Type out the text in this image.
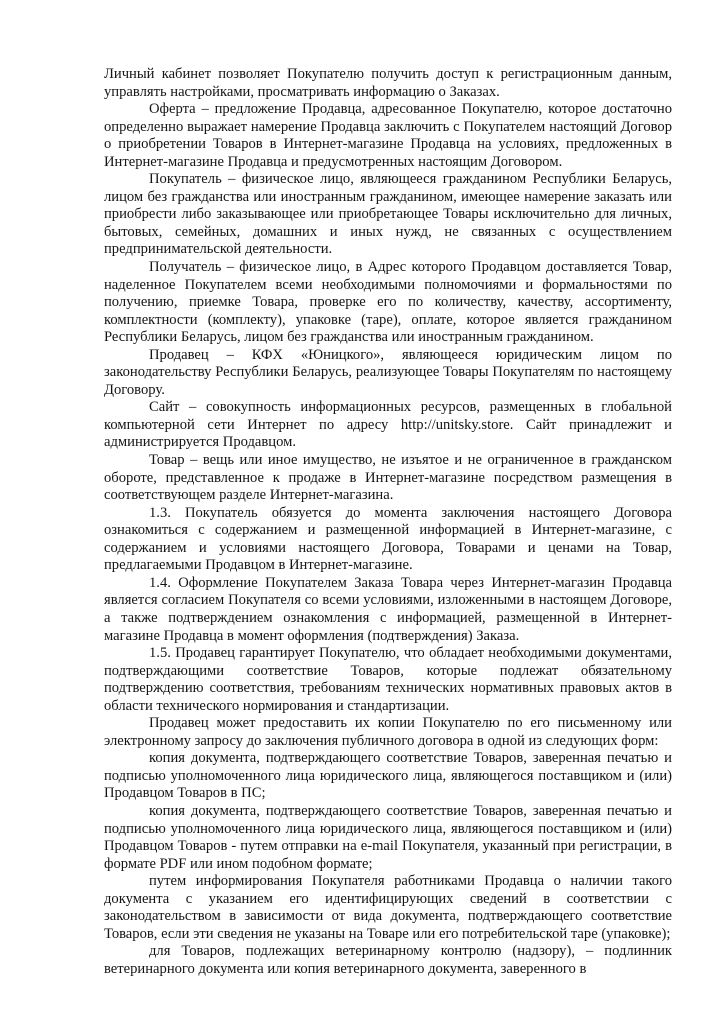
Личный кабинет позволяет Покупателю получить доступ к регистрационным данным, управлять настройками, просматривать информацию о Заказах.

Оферта – предложение Продавца, адресованное Покупателю, которое достаточно определенно выражает намерение Продавца заключить с Покупателем настоящий Договор о приобретении Товаров в Интернет-магазине Продавца на условиях, предложенных в Интернет-магазине Продавца и предусмотренных настоящим Договором.

Покупатель – физическое лицо, являющееся гражданином Республики Беларусь, лицом без гражданства или иностранным гражданином, имеющее намерение заказать или приобрести либо заказывающее или приобретающее Товары исключительно для личных, бытовых, семейных, домашних и иных нужд, не связанных с осуществлением предпринимательской деятельности.

Получатель – физическое лицо, в Адрес которого Продавцом доставляется Товар, наделенное Покупателем всеми необходимыми полномочиями и формальностями по получению, приемке Товара, проверке его по количеству, качеству, ассортименту, комплектности (комплекту), упаковке (таре), оплате, которое является гражданином Республики Беларусь, лицом без гражданства или иностранным гражданином.

Продавец – КФХ «Юницкого», являющееся юридическим лицом по законодательству Республики Беларусь, реализующее Товары Покупателям по настоящему Договору.

Сайт – совокупность информационных ресурсов, размещенных в глобальной компьютерной сети Интернет по адресу http://unitsky.store. Сайт принадлежит и администрируется Продавцом.

Товар – вещь или иное имущество, не изъятое и не ограниченное в гражданском обороте, представленное к продаже в Интернет-магазине посредством размещения в соответствующем разделе Интернет-магазина.

1.3. Покупатель обязуется до момента заключения настоящего Договора ознакомиться с содержанием и размещенной информацией в Интернет-магазине, с содержанием и условиями настоящего Договора, Товарами и ценами на Товар, предлагаемыми Продавцом в Интернет-магазине.

1.4. Оформление Покупателем Заказа Товара через Интернет-магазин Продавца является согласием Покупателя со всеми условиями, изложенными в настоящем Договоре, а также подтверждением ознакомления с информацией, размещенной в Интернет-магазине Продавца в момент оформления (подтверждения) Заказа.

1.5. Продавец гарантирует Покупателю, что обладает необходимыми документами, подтверждающими соответствие Товаров, которые подлежат обязательному подтверждению соответствия, требованиям технических нормативных правовых актов в области технического нормирования и стандартизации.

Продавец может предоставить их копии Покупателю по его письменному или электронному запросу до заключения публичного договора в одной из следующих форм:

копия документа, подтверждающего соответствие Товаров, заверенная печатью и подписью уполномоченного лица юридического лица, являющегося поставщиком и (или) Продавцом Товаров в ПС;

копия документа, подтверждающего соответствие Товаров, заверенная печатью и подписью уполномоченного лица юридического лица, являющегося поставщиком и (или) Продавцом Товаров - путем отправки на e-mail Покупателя, указанный при регистрации, в формате PDF или ином подобном формате;

путем информирования Покупателя работниками Продавца о наличии такого документа с указанием его идентифицирующих сведений в соответствии с законодательством в зависимости от вида документа, подтверждающего соответствие Товаров, если эти сведения не указаны на Товаре или его потребительской таре (упаковке);

для Товаров, подлежащих ветеринарному контролю (надзору), – подлинник ветеринарного документа или копия ветеринарного документа, заверенного в
